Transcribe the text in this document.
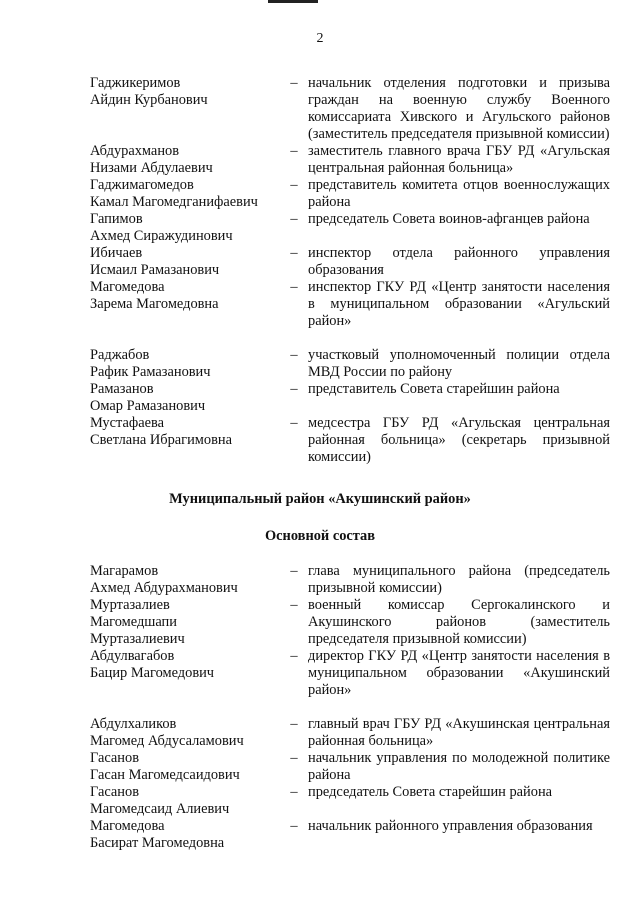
2
Гаджикеримов
Айдин Курбанович
– начальник отделения подготовки и призыва граждан на военную службу Военного комиссариата Хивского и Агульского районов (заместитель председателя призывной комиссии)
Абдурахманов
Низами Абдулаевич
– заместитель главного врача ГБУ РД «Агульская центральная районная больница»
Гаджимагомедов
Камал Магомедганифаевич
– представитель комитета отцов военнослужащих района
Гапимов
Ахмед Сиражудинович
– председатель Совета воинов-афганцев района
Ибичаев
Исмаил Рамазанович
– инспектор отдела районного управления образования
Магомедова
Зарема Магомедовна
– инспектор ГКУ РД «Центр занятости населения в муниципальном образовании «Агульский район»
Раджабов
Рафик Рамазанович
– участковый уполномоченный полиции отдела МВД России по району
Рамазанов
Омар Рамазанович
– представитель Совета старейшин района
Мустафаева
Светлана Ибрагимовна
– медсестра ГБУ РД «Агульская центральная районная больница» (секретарь призывной комиссии)
Муниципальный район «Акушинский район»
Основной состав
Магарамов
Ахмед Абдурахманович
– глава муниципального района (председатель призывной комиссии)
Муртазалиев
Магомедшапи
Муртазалиевич
– военный комиссар Сергокалинского и Акушинского районов (заместитель председателя призывной комиссии)
Абдулвагабов
Бацир Магомедович
– директор ГКУ РД «Центр занятости населения в муниципальном образовании «Акушинский район»
Абдулхаликов
Магомед Абдусаламович
– главный врач ГБУ РД «Акушинская центральная районная больница»
Гасанов
Гасан Магомедсаидович
– начальник управления по молодежной политике района
Гасанов
Магомедсаид Алиевич
– председатель Совета старейшин района
Магомедова
Басират Магомедовна
– начальник районного управления образования
